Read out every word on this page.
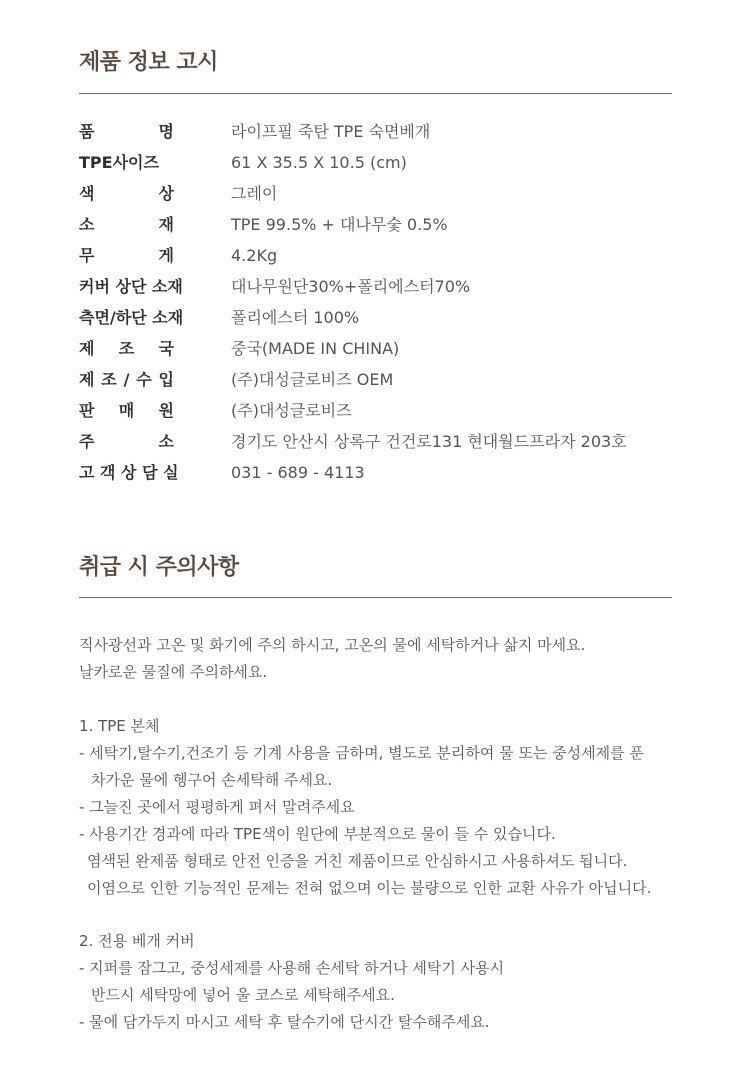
제품 정보 고시
품 명	라이프필 죽탄 TPE 숙면베개
TPE사이즈	61 X 35.5 X 10.5 (cm)
색 상	그레이
소 재	TPE 99.5% + 대나무숯 0.5%
무 게	4.2Kg
커버 상단 소재	대나무원단30%+폴리에스터70%
측면/하단 소재	폴리에스터 100%
제 조 국	중국(MADE IN CHINA)
제 조 / 수 입	(주)대성글로비즈 OEM
판 매 원	(주)대성글로비즈
주 소	경기도 안산시 상록구 건건로131 현대월드프라자 203호
고 객 상 담 실	031 - 689 - 4113
취급 시 주의사항
직사광선과 고온 및 화기에 주의 하시고, 고온의 물에 세탁하거나 삶지 마세요.
날카로운 물질에 주의하세요.
1. TPE 본체
- 세탁기,탈수기,건조기 등 기계 사용을 금하며, 별도로 분리하여 물 또는 중성세제를 푼
차가운 물에 헹구어 손세탁해 주세요.
- 그늘진 곳에서 평평하게 펴서 말려주세요
- 사용기간 경과에 따라 TPE색이 원단에 부분적으로 물이 들 수 있습니다.
염색된 완제품 형태로 안전 인증을 거친 제품이므로 안심하시고 사용하셔도 됩니다.
이염으로 인한 기능적인 문제는 전혀 없으며 이는 불량으로 인한 교환 사유가 아닙니다.
2. 전용 베개 커버
- 지퍼를 잠그고, 중성세제를 사용해 손세탁 하거나 세탁기 사용시
반드시 세탁망에 넣어 울 코스로 세탁해주세요.
- 물에 담가두지 마시고 세탁 후 탈수기에 단시간 탈수해주세요.
